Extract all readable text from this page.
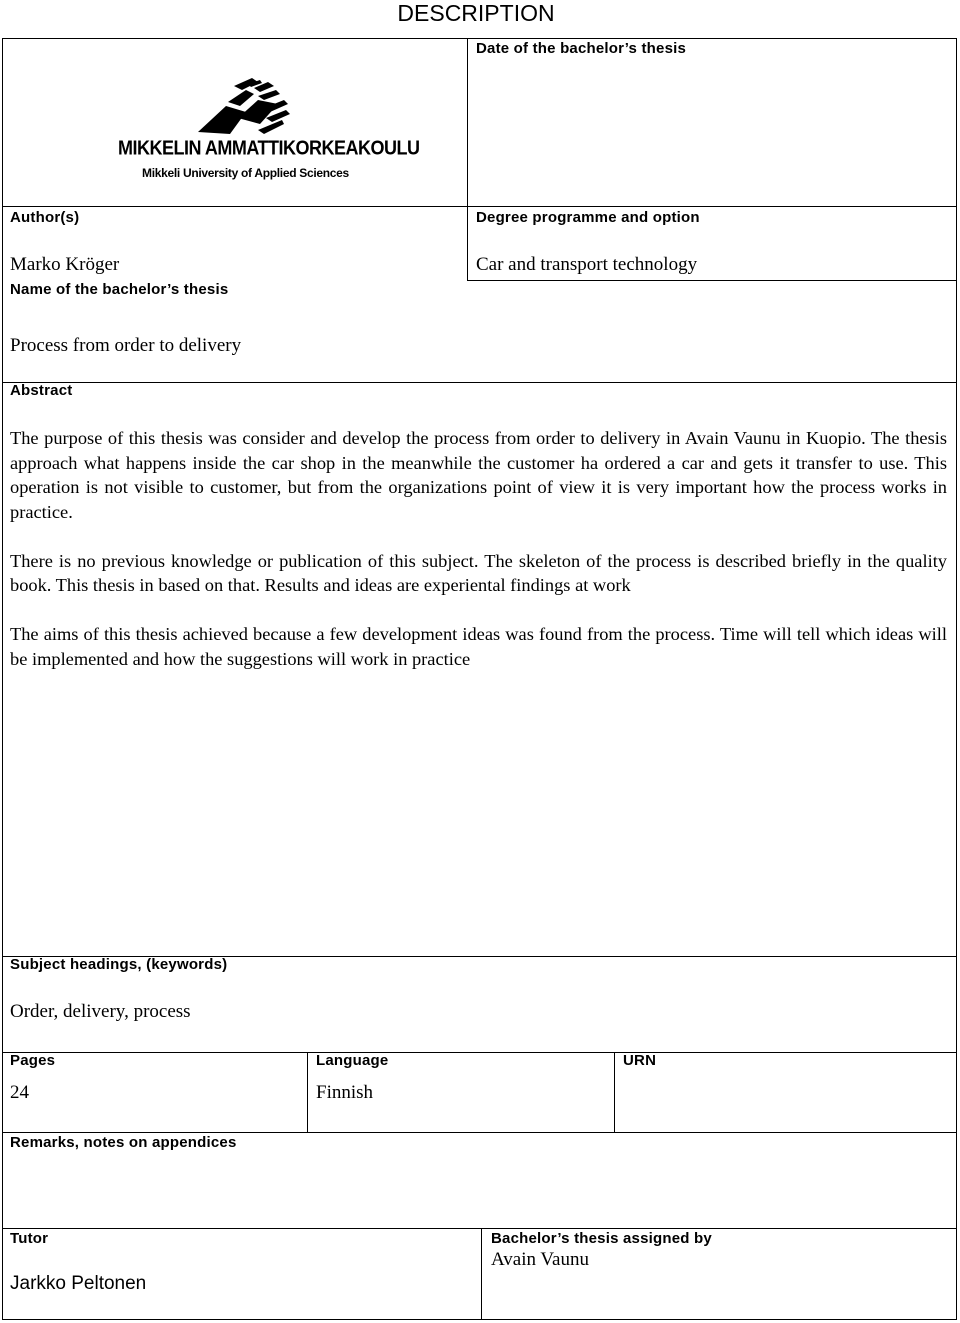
DESCRIPTION
MIKKELIN AMMATTIKORKEAKOULU
Mikkeli University of Applied Sciences
Date of the bachelor’s thesis
Author(s)
Marko Kröger
Degree programme and option
Car and transport technology
Name of the bachelor’s thesis
Process from order to delivery
Abstract

The purpose of this thesis was consider and develop the process from order to delivery in Avain Vaunu in Kuopio. The thesis approach what happens inside the car shop in the meanwhile the customer ha ordered a car and gets it transfer to use. This operation is not visible to customer, but from the organizations point of view it is very important how the process works in practice.

There is no previous knowledge or publication of this subject. The skeleton of the process is described briefly in the quality book. This thesis in based on that. Results and ideas are experiental findings at work

The aims of this thesis achieved because a few development ideas was found from the process. Time will tell which ideas will be implemented and how the suggestions will work in practice

Subject headings, (keywords)
Order, delivery, process
Pages
24
Language
Finnish
URN
Remarks, notes on appendices
Tutor
Jarkko Peltonen
Bachelor’s thesis assigned by
Avain Vaunu
